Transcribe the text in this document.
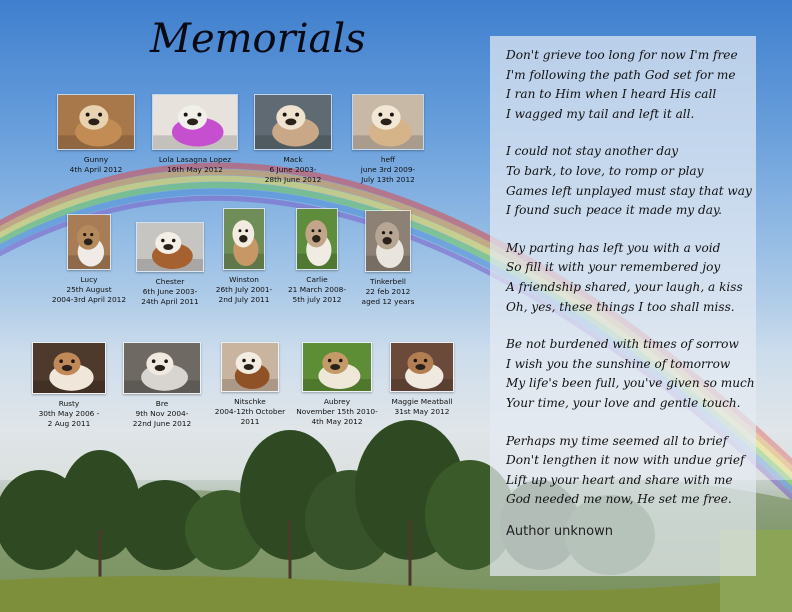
Memorials
Gunny
4th April 2012
Lola Lasagna Lopez
16th May 2012
Mack
6 June 2003-
28th June 2012
heff
june 3rd 2009-
July 13th 2012
Lucy
25th August
2004-3rd April 2012
Chester
6th June 2003-
24th April 2011
Winston
26th July 2001-
2nd July 2011
Carlie
21 March 2008-
5th july 2012
Tinkerbell
22 feb 2012
aged 12 years
Rusty
30th May 2006 -
2 Aug 2011
Bre
9th Nov 2004-
22nd June 2012
Nitschke
2004-12th October
2011
Aubrey
November 15th 2010-
4th May 2012
Maggie Meatball
31st May 2012

Don't grieve too long for now I'm free

I'm following the path God set for me

I ran to Him when I heard His call

I wagged my tail and left it all.

I could not stay another day

To bark, to love, to romp or play

Games left unplayed must stay that way

I found such peace it made my day.

My parting has left you with a void

So fill it with your remembered joy

A friendship shared, your laugh, a kiss

Oh, yes, these things I too shall miss.

Be not burdened with times of sorrow

I wish you the sunshine of tomorrow

My life's been full, you've given so much

Your time, your love and gentle touch.

Perhaps my time seemed all to brief

Don't lengthen it now with undue grief

Lift up your heart and share with me

God needed me now, He set me free.

Author unknown
